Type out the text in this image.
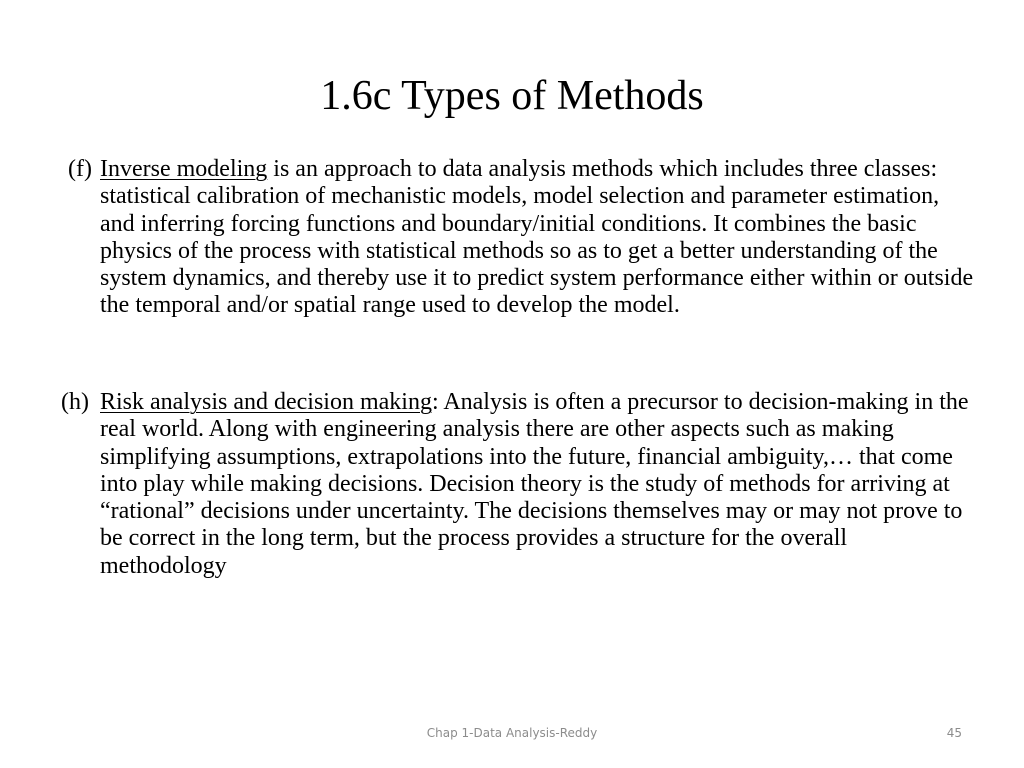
1.6c Types of Methods

(f) Inverse modeling is an approach to data analysis methods which includes three classes: statistical calibration of mechanistic models, model selection and parameter estimation, and inferring forcing functions and boundary/initial conditions. It combines the basic physics of the process with statistical methods so as to get a better understanding of the system dynamics, and thereby use it to predict system performance either within or outside the temporal and/or spatial range used to develop the model.

(h) Risk analysis and decision making: Analysis is often a precursor to decision-making in the real world. Along with engineering analysis there are other aspects such as making simplifying assumptions, extrapolations into the future, financial ambiguity,… that come into play while making decisions. Decision theory is the study of methods for arriving at “rational” decisions under uncertainty. The decisions themselves may or may not prove to be correct in the long term, but the process provides a structure for the overall methodology

Chap 1-Data Analysis-Reddy	45
